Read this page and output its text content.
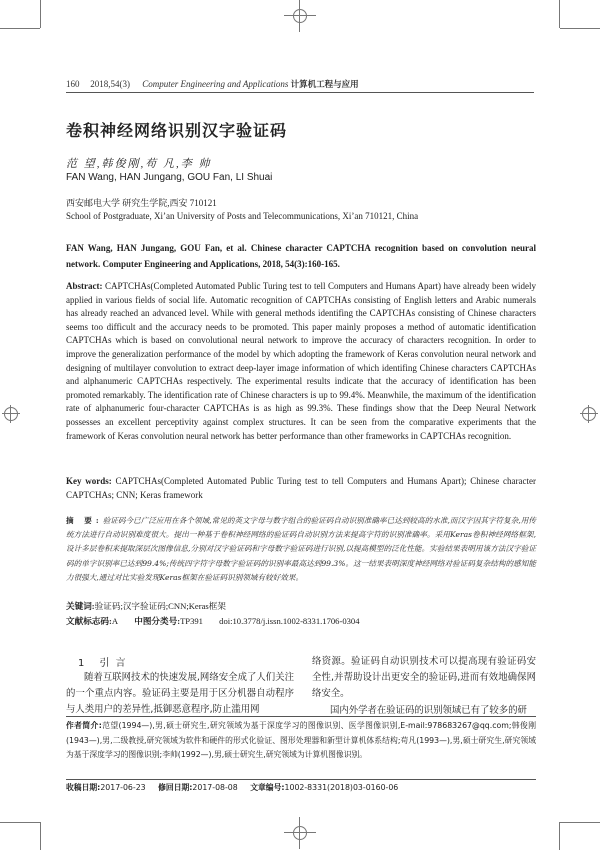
160 2018,54(3) Computer Engineering and Applications 计算机工程与应用
卷积神经网络识别汉字验证码
范 望,韩俊刚,苟 凡,李 帅
FAN Wang, HAN Jungang, GOU Fan, LI Shuai
西安邮电大学 研究生学院,西安 710121
School of Postgraduate, Xi’an University of Posts and Telecommunications, Xi’an 710121, China
FAN Wang, HAN Jungang, GOU Fan, et al. Chinese character CAPTCHA recognition based on convolution neural network. Computer Engineering and Applications, 2018, 54(3):160-165.

Abstract: CAPTCHAs(Completed Automated Public Turing test to tell Computers and Humans Apart) have already been widely applied in various fields of social life. Automatic recognition of CAPTCHAs consisting of English letters and Arabic numerals has already reached an advanced level. While with general methods identifing the CAPTCHAs consisting of Chinese characters seems too difficult and the accuracy needs to be promoted. This paper mainly proposes a method of automatic identification CAPTCHAs which is based on convolutional neural network to improve the accuracy of characters recognition. In order to improve the generalization performance of the model by which adopting the framework of Keras convolution neural network and designing of multilayer convolution to extract deep-layer image information of which identifing Chinese characters CAPTCHAs and alphanumeric CAPTCHAs respectively. The experimental results indicate that the accuracy of identification has been promoted remarkably. The identification rate of Chinese characters is up to 99.4%. Meanwhile, the maximum of the identification rate of alphanumeric four-character CAPTCHAs is as high as 99.3%. These findings show that the Deep Neural Network possesses an excellent perceptivity against complex structures. It can be seen from the comparative experiments that the framework of Keras convolution neural network has better performance than other frameworks in CAPTCHAs recognition.

Key words: CAPTCHAs(Completed Automated Public Turing test to tell Computers and Humans Apart); Chinese character CAPTCHAs; CNN; Keras framework

摘 要:验证码今已广泛应用在各个领域,常见的英文字母与数字组合的验证码自动识别准确率已达到较高的水准,而汉字因其字符复杂,用传统方法进行自动识别难度很大。提出一种基于卷积神经网络的验证码自动识别方法来提高字符的识别准确率。采用Keras卷积神经网络框架,设计多层卷积来提取深层次图像信息,分别对汉字验证码和字母数字验证码进行识别,以提高模型的泛化性能。实验结果表明用该方法汉字验证码的单字识别率已达到99.4%;传统四字符字母数字验证码的识别率最高达到99.3%。这一结果表明深度神经网络对验证码复杂结构的感知能力很强大,通过对比实验发现Keras框架在验证码识别领域有较好效果。

关键词:验证码;汉字验证码;CNN;Keras框架

文献标志码:A 中图分类号:TP391 doi:10.3778/j.issn.1002-8331.1706-0304

1 引言

随着互联网技术的快速发展,网络安全成了人们关注的一个重点内容。验证码主要是用于区分机器自动程序与人类用户的差异性,抵御恶意程序,防止滥用网

络资源。验证码自动识别技术可以提高现有验证码安全性,并帮助设计出更安全的验证码,进而有效地确保网络安全。

国内外学者在验证码的识别领域已有了较多的研

作者简介:范望(1994—),男,硕士研究生,研究领域为基于深度学习的图像识别、医学图像识别,E-mail:978683267@qq.com;韩俊刚(1943—),男,二级教授,研究领域为软件和硬件的形式化验证、图形处理器和新型计算机体系结构;苟凡(1993—),男,硕士研究生,研究领域为基于深度学习的图像识别;李帅(1992—),男,硕士研究生,研究领域为计算机图像识别。

收稿日期:2017-06-23 修回日期:2017-08-08 文章编号:1002-8331(2018)03-0160-06
